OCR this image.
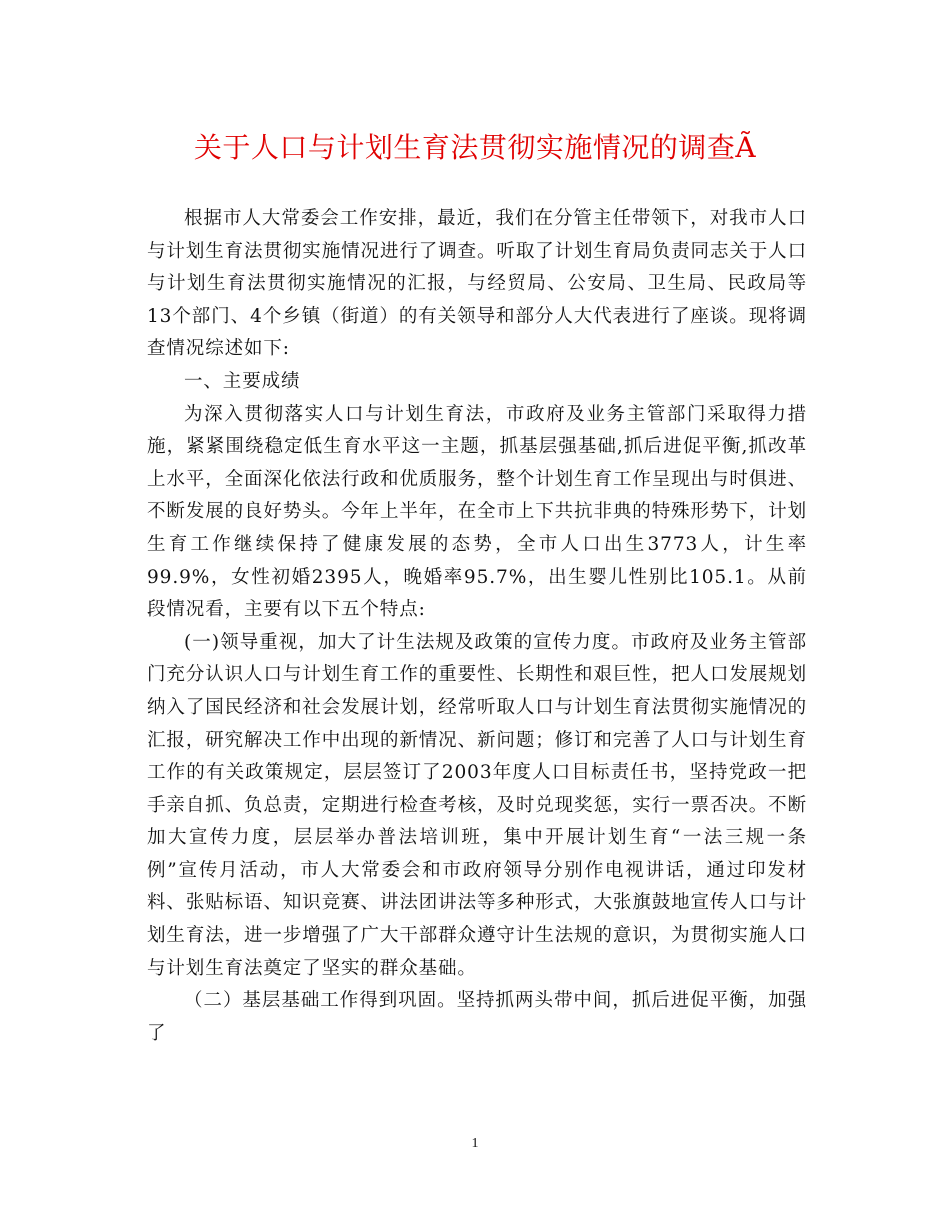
关于人口与计划生育法贯彻实施情况的调查Ã

根据市人大常委会工作安排，最近，我们在分管主任带领下，对我市人口与计划生育法贯彻实施情况进行了调查。听取了计划生育局负责同志关于人口与计划生育法贯彻实施情况的汇报，与经贸局、公安局、卫生局、民政局等13个部门、4个乡镇（街道）的有关领导和部分人大代表进行了座谈。现将调查情况综述如下:

一、主要成绩

为深入贯彻落实人口与计划生育法，市政府及业务主管部门采取得力措施，紧紧围绕稳定低生育水平这一主题，抓基层强基础,抓后进促平衡,抓改革上水平，全面深化依法行政和优质服务，整个计划生育工作呈现出与时俱进、不断发展的良好势头。今年上半年，在全市上下共抗非典的特殊形势下，计划生育工作继续保持了健康发展的态势，全市人口出生3773人，计生率99.9%，女性初婚2395人，晚婚率95.7%，出生婴儿性别比105.1。从前段情况看，主要有以下五个特点:

(一)领导重视，加大了计生法规及政策的宣传力度。市政府及业务主管部门充分认识人口与计划生育工作的重要性、长期性和艰巨性，把人口发展规划纳入了国民经济和社会发展计划，经常听取人口与计划生育法贯彻实施情况的汇报，研究解决工作中出现的新情况、新问题；修订和完善了人口与计划生育工作的有关政策规定，层层签订了2003年度人口目标责任书，坚持党政一把手亲自抓、负总责，定期进行检查考核，及时兑现奖惩，实行一票否决。不断加大宣传力度，层层举办普法培训班，集中开展计划生育“一法三规一条例”宣传月活动，市人大常委会和市政府领导分别作电视讲话，通过印发材料、张贴标语、知识竞赛、讲法团讲法等多种形式，大张旗鼓地宣传人口与计划生育法，进一步增强了广大干部群众遵守计生法规的意识，为贯彻实施人口与计划生育法奠定了坚实的群众基础。

（二）基层基础工作得到巩固。坚持抓两头带中间，抓后进促平衡，加强了

1
